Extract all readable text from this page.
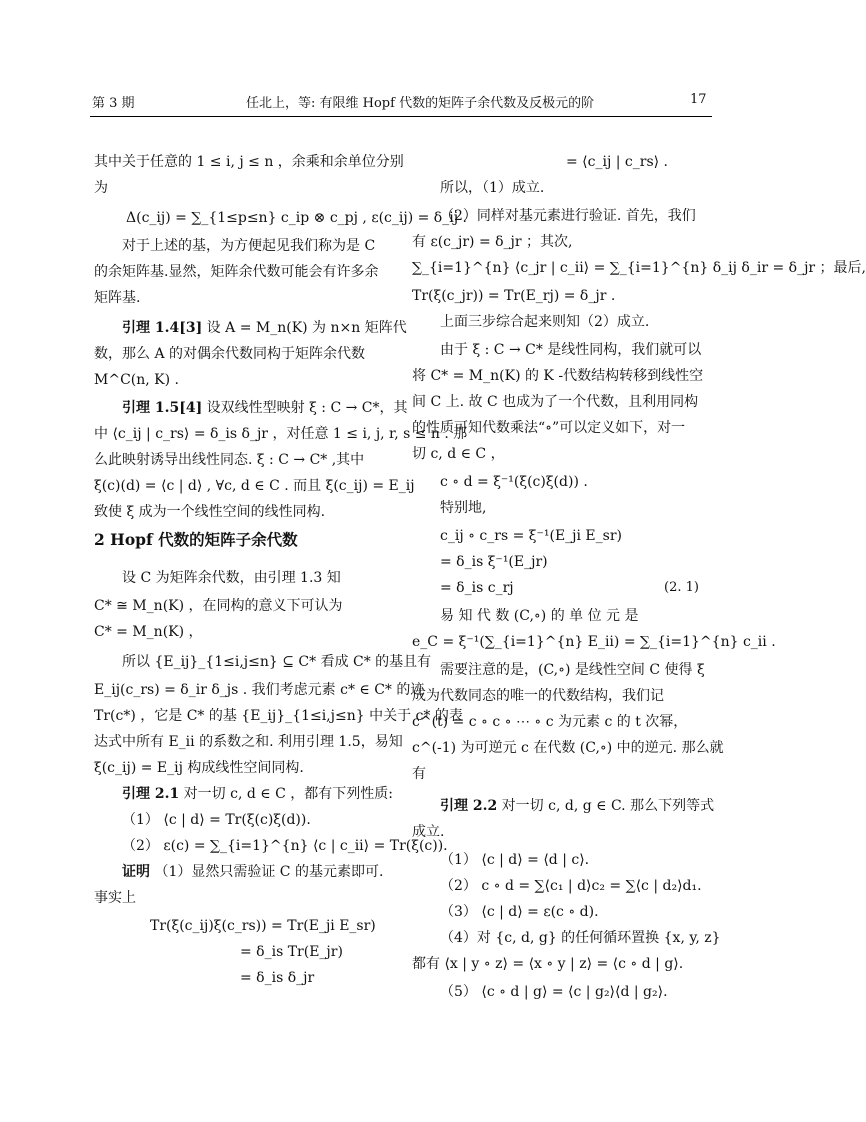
第 3 期	任北上，等: 有限维 Hopf 代数的矩阵子余代数及反极元的阶	17
其中关于任意的 1 ≤ i, j ≤ n ，余乘和余单位分别
为
Δ(c_ij) = ∑_{1≤p≤n} c_ip ⊗ c_pj , ε(c_ij) = δ_ij .
对于上述的基，为方便起见我们称为是 C
的余矩阵基.显然，矩阵余代数可能会有许多余
矩阵基.
引理 1.4[3] 设 A = M_n(K) 为 n×n 矩阵代
数，那么 A 的对偶余代数同构于矩阵余代数
M^C(n, K) .
引理 1.5[4] 设双线性型映射 ξ : C → C*，其
中 ⟨c_ij | c_rs⟩ = δ_is δ_jr ，对任意 1 ≤ i, j, r, s ≤ n . 那
么此映射诱导出线性同态. ξ : C → C* ,其中
ξ(c)(d) = ⟨c | d⟩ , ∀c, d ∈ C . 而且 ξ(c_ij) = E_ij
致使 ξ 成为一个线性空间的线性同构.
2 Hopf 代数的矩阵子余代数
设 C 为矩阵余代数，由引理 1.3 知
C* ≅ M_n(K) ，在同构的意义下可认为
C* = M_n(K) ，
所以 {E_ij}_{1≤i,j≤n} ⊆ C* 看成 C* 的基且有
E_ij(c_rs) = δ_ir δ_js . 我们考虑元素 c* ∈ C* 的迹
Tr(c*) ，它是 C* 的基 {E_ij}_{1≤i,j≤n} 中关于 c* 的表
达式中所有 E_ii 的系数之和. 利用引理 1.5，易知
ξ(c_ij) = E_ij 构成线性空间同构.
引理 2.1 对一切 c, d ∈ C ，都有下列性质:
（1） ⟨c | d⟩ = Tr(ξ(c)ξ(d)).
（2） ε(c) = ∑_{i=1}^{n} ⟨c | c_ii⟩ = Tr(ξ(c)).
证明 （1）显然只需验证 C 的基元素即可.
事实上
Tr(ξ(c_ij)ξ(c_rs)) = Tr(E_ji E_sr)
= δ_is Tr(E_jr)
= δ_is δ_jr
= ⟨c_ij | c_rs⟩ .
所以，（1）成立.
（2）同样对基元素进行验证. 首先，我们
有 ε(c_jr) = δ_jr ；其次,
∑_{i=1}^{n} ⟨c_jr | c_ii⟩ = ∑_{i=1}^{n} δ_ij δ_ir = δ_jr ；最后,
Tr(ξ(c_jr)) = Tr(E_rj) = δ_jr .
上面三步综合起来则知（2）成立.
由于 ξ : C → C* 是线性同构，我们就可以
将 C* = M_n(K) 的 K -代数结构转移到线性空
间 C 上. 故 C 也成为了一个代数，且利用同构
的性质可知代数乘法“∘”可以定义如下，对一
切 c, d ∈ C ，
c ∘ d = ξ⁻¹(ξ(c)ξ(d)) .
特别地,
c_ij ∘ c_rs = ξ⁻¹(E_ji E_sr)
= δ_is ξ⁻¹(E_jr)
= δ_is c_rj	(2. 1)
易 知 代 数 (C,∘) 的 单 位 元 是
e_C = ξ⁻¹(∑_{i=1}^{n} E_ii) = ∑_{i=1}^{n} c_ii .
需要注意的是，(C,∘) 是线性空间 C 使得 ξ
成为代数同态的唯一的代数结构，我们记
c^(t) = c ∘ c ∘ ⋯ ∘ c 为元素 c 的 t 次幂，
c^(-1) 为可逆元 c 在代数 (C,∘) 中的逆元. 那么就
有
引理 2.2 对一切 c, d, g ∈ C. 那么下列等式
成立.
（1） ⟨c | d⟩ = ⟨d | c⟩.
（2） c ∘ d = ∑⟨c₁ | d⟩c₂ = ∑⟨c | d₂⟩d₁.
（3） ⟨c | d⟩ = ε(c ∘ d).
（4）对 {c, d, g} 的任何循环置换 {x, y, z}
都有 ⟨x | y ∘ z⟩ = ⟨x ∘ y | z⟩ = ⟨c ∘ d | g⟩.
（5） ⟨c ∘ d | g⟩ = ⟨c | g₂⟩⟨d | g₂⟩.
